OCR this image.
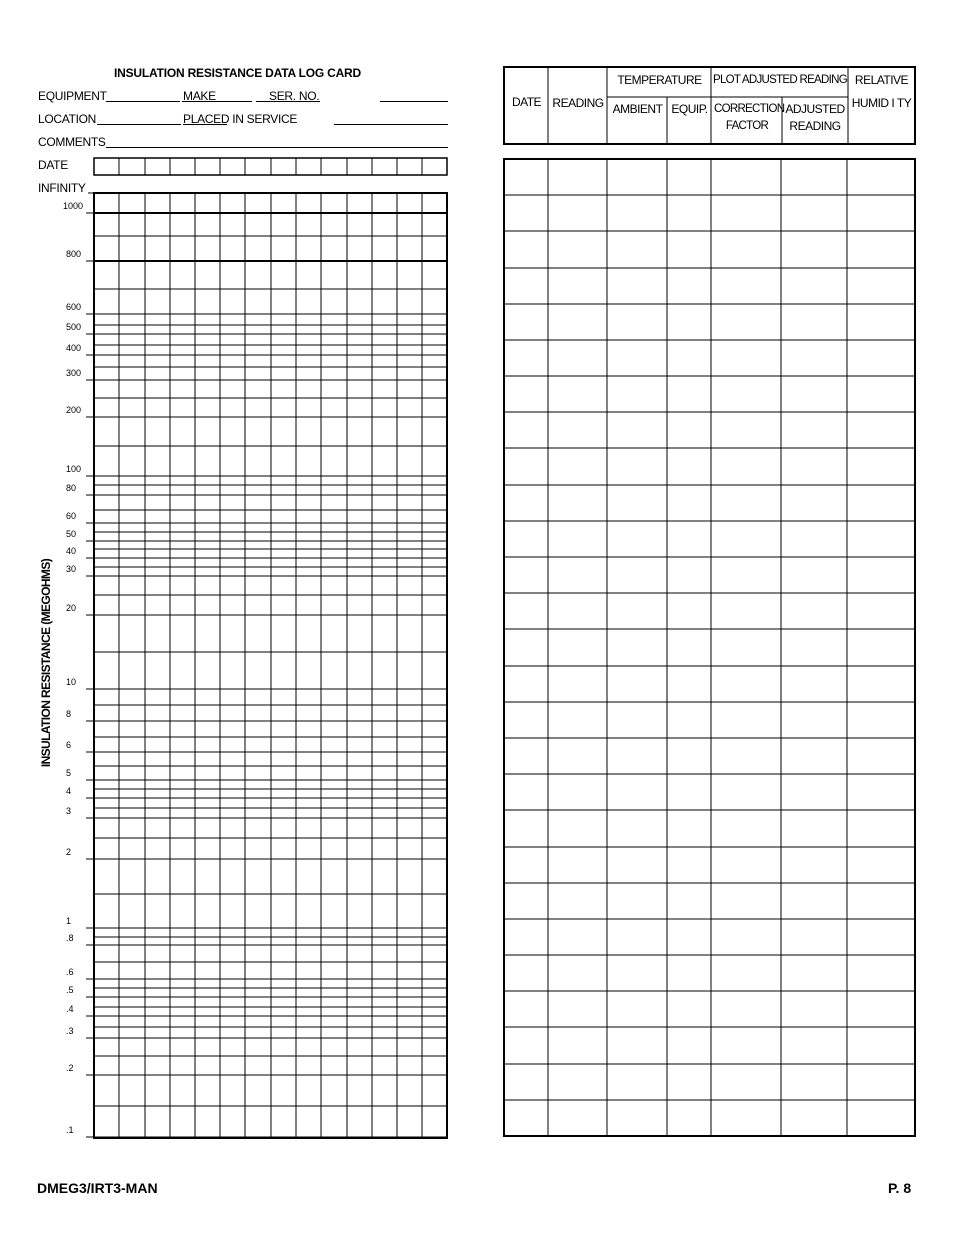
INSULATION RESISTANCE DATA LOG CARD
EQUIPMENT	MAKE	SER. NO.
LOCATION	PLACED IN SERVICE
COMMENTS
DATE
INFINITY
INSULATION RESISTANCE (MEGOHMS)
1000
800
600
500
400
300
200
100
80
60
50
40
30
20
10
8
6
5
4
3
2
1
.8
.6
.5
.4
.3
.2
.1
DATE READING
TEMPERATURE
AMBIENT EQUIP.
PLOT ADJUSTED READING
CORRECTION FACTOR
ADJUSTED READING
RELATIVE
HUMID I TY
DMEG3/IRT3-MAN	P. 8
